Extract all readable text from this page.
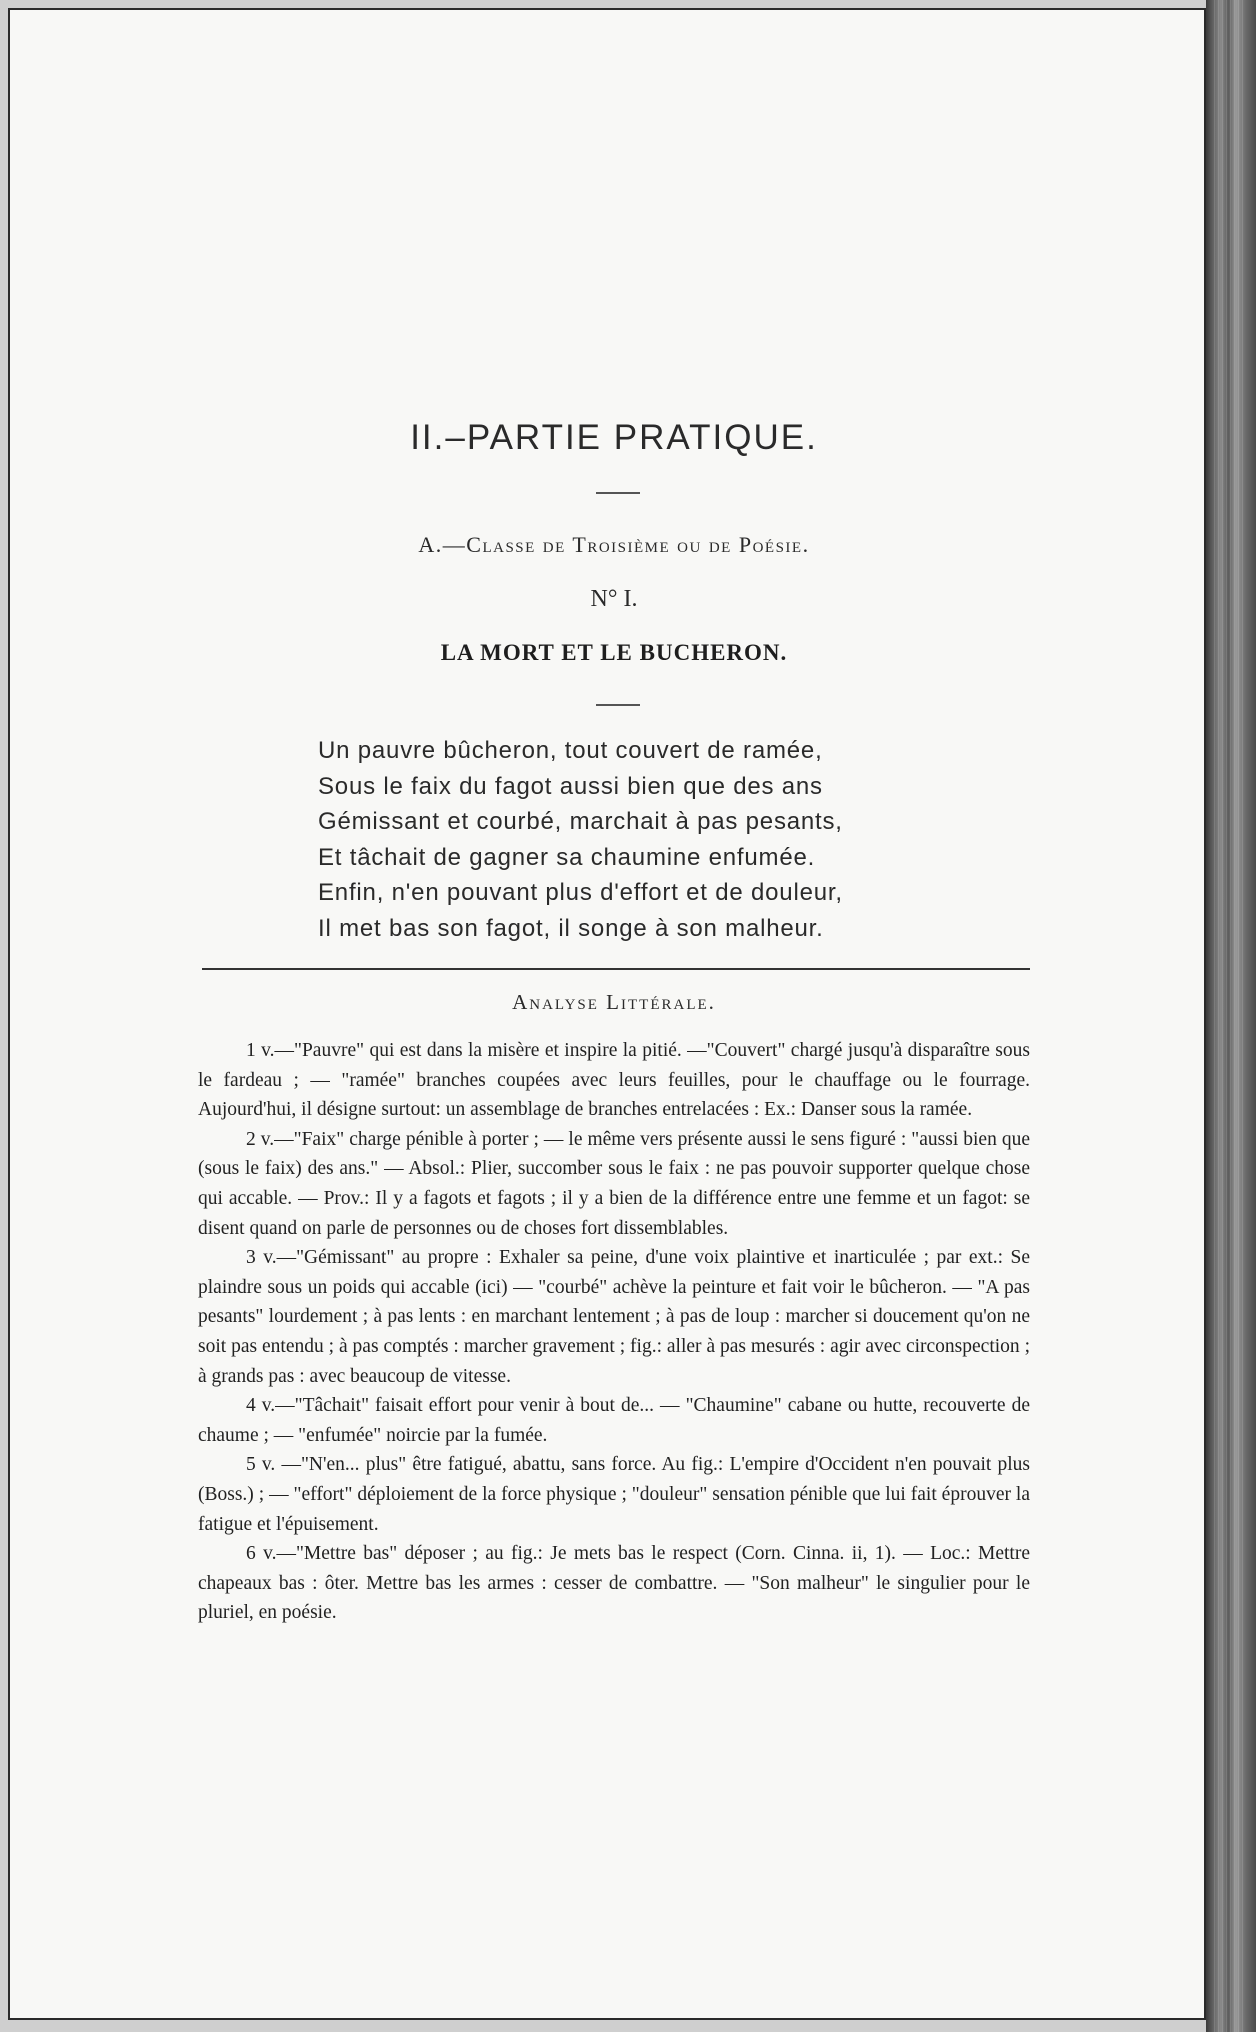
II.–PARTIE PRATIQUE.
A.—Classe de Troisième ou de Poésie.
N° I.
LA MORT ET LE BUCHERON.
Un pauvre bûcheron, tout couvert de ramée,
Sous le faix du fagot aussi bien que des ans
Gémissant et courbé, marchait à pas pesants,
Et tâchait de gagner sa chaumine enfumée.
Enfin, n'en pouvant plus d'effort et de douleur,
Il met bas son fagot, il songe à son malheur.
Analyse Littérale.

1 v.—"Pauvre" qui est dans la misère et inspire la pitié. —"Couvert" chargé jusqu'à disparaître sous le fardeau ; — "ramée" branches coupées avec leurs feuilles, pour le chauffage ou le fourrage. Aujourd'hui, il désigne surtout: un assemblage de branches entrelacées : Ex.: Danser sous la ramée.

2 v.—"Faix" charge pénible à porter ; — le même vers présente aussi le sens figuré : "aussi bien que (sous le faix) des ans." — Absol.: Plier, succomber sous le faix : ne pas pouvoir supporter quelque chose qui accable. — Prov.: Il y a fagots et fagots ; il y a bien de la différence entre une femme et un fagot: se disent quand on parle de personnes ou de choses fort dissemblables.

3 v.—"Gémissant" au propre : Exhaler sa peine, d'une voix plaintive et inarticulée ; par ext.: Se plaindre sous un poids qui accable (ici) — "courbé" achève la peinture et fait voir le bûcheron. — "A pas pesants" lourdement ; à pas lents : en marchant lentement ; à pas de loup : marcher si doucement qu'on ne soit pas entendu ; à pas comptés : marcher gravement ; fig.: aller à pas mesurés : agir avec circonspection ; à grands pas : avec beaucoup de vitesse.

4 v.—"Tâchait" faisait effort pour venir à bout de... — "Chaumine" cabane ou hutte, recouverte de chaume ; — "enfumée" noircie par la fumée.

5 v. —"N'en... plus" être fatigué, abattu, sans force. Au fig.: L'empire d'Occident n'en pouvait plus (Boss.) ; — "effort" déploiement de la force physique ; "douleur" sensation pénible que lui fait éprouver la fatigue et l'épuisement.

6 v.—"Mettre bas" déposer ; au fig.: Je mets bas le respect (Corn. Cinna. ii, 1). — Loc.: Mettre chapeaux bas : ôter. Mettre bas les armes : cesser de combattre. — "Son malheur" le singulier pour le pluriel, en poésie.
